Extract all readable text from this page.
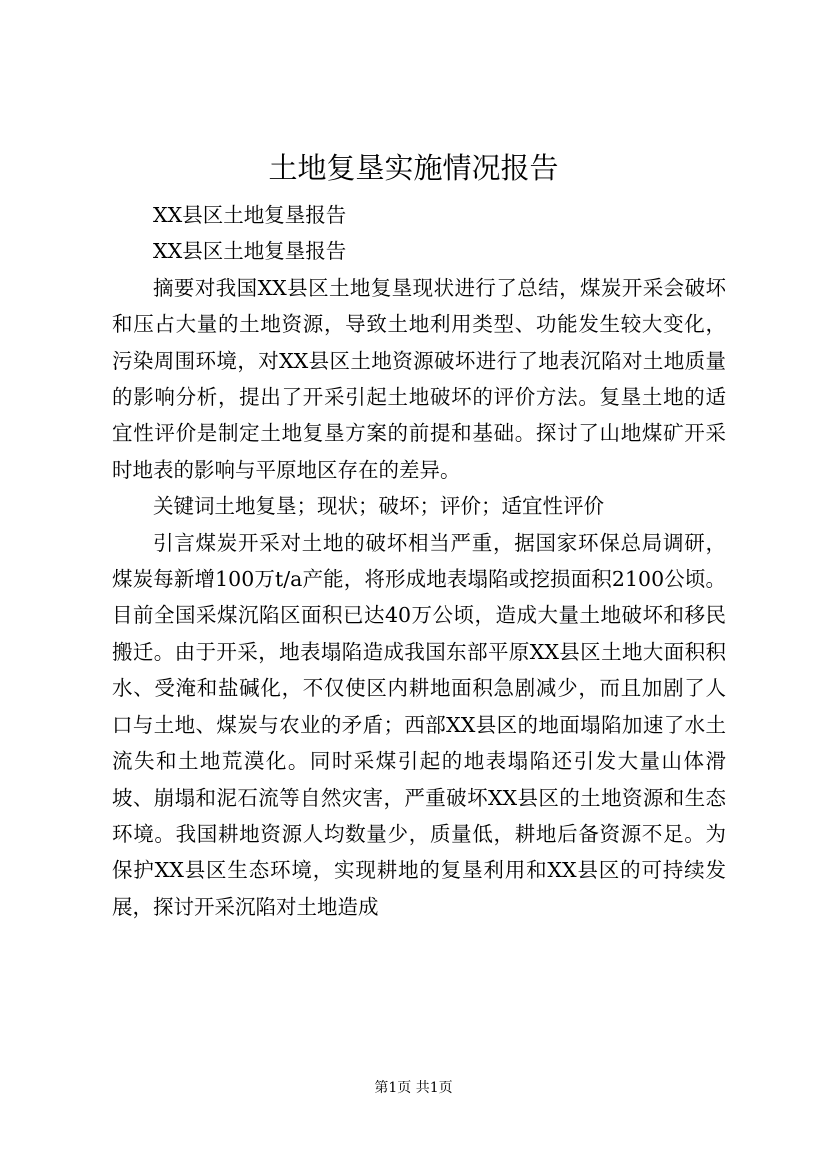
土地复垦实施情况报告

XX县区土地复垦报告

XX县区土地复垦报告

摘要对我国XX县区土地复垦现状进行了总结，煤炭开采会破坏和压占大量的土地资源，导致土地利用类型、功能发生较大变化，污染周围环境，对XX县区土地资源破坏进行了地表沉陷对土地质量的影响分析，提出了开采引起土地破坏的评价方法。复垦土地的适宜性评价是制定土地复垦方案的前提和基础。探讨了山地煤矿开采时地表的影响与平原地区存在的差异。

关键词土地复垦；现状；破坏；评价；适宜性评价

引言煤炭开采对土地的破坏相当严重，据国家环保总局调研，煤炭每新增100万t/a产能，将形成地表塌陷或挖损面积2100公顷。目前全国采煤沉陷区面积已达40万公顷，造成大量土地破坏和移民搬迁。由于开采，地表塌陷造成我国东部平原XX县区土地大面积积水、受淹和盐碱化，不仅使区内耕地面积急剧减少，而且加剧了人口与土地、煤炭与农业的矛盾；西部XX县区的地面塌陷加速了水土流失和土地荒漠化。同时采煤引起的地表塌陷还引发大量山体滑坡、崩塌和泥石流等自然灾害，严重破坏XX县区的土地资源和生态环境。我国耕地资源人均数量少，质量低，耕地后备资源不足。为保护XX县区生态环境，实现耕地的复垦利用和XX县区的可持续发展，探讨开采沉陷对土地造成

第1页 共1页
